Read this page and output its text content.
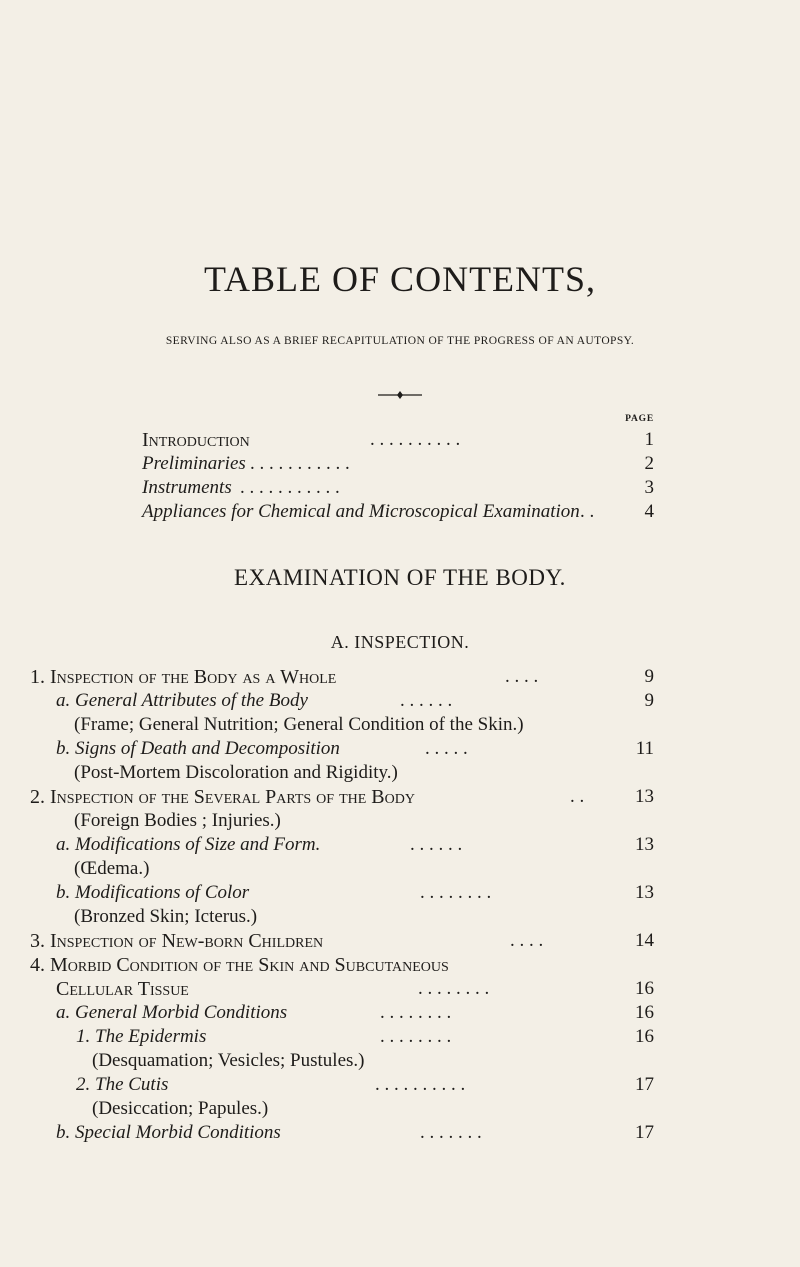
TABLE OF CONTENTS,

SERVING ALSO AS A BRIEF RECAPITULATION OF THE PROGRESS OF AN AUTOPSY.

PAGE
Introduction	. . . . . . . . . .	1
Preliminaries . . . . . . . . . . .	2
Instruments . . . . . . . . . . .	3
Appliances for Chemical and Microscopical Examination . .	4
EXAMINATION OF THE BODY.
A. INSPECTION.
1. Inspection of the Body as a Whole	. . . .	9
a. General Attributes of the Body	. . . . . .	9
(Frame; General Nutrition; General Condition of the Skin.)
b. Signs of Death and Decomposition	. . . . .	11
(Post-Mortem Discoloration and Rigidity.)
2. Inspection of the Several Parts of the Body	. .	13
(Foreign Bodies ; Injuries.)
a. Modifications of Size and Form.	. . . . . .	13
(Œdema.)
b. Modifications of Color	. . . . . . . .	13
(Bronzed Skin; Icterus.)
3. Inspection of New-born Children	. . . .	14
4. Morbid Condition of the Skin and Subcutaneous
Cellular Tissue	. . . . . . . .	16
a. General Morbid Conditions	. . . . . . . .	16
1. The Epidermis	. . . . . . . .	16
(Desquamation; Vesicles; Pustules.)
2. The Cutis	. . . . . . . . . .	17
(Desiccation; Papules.)
b. Special Morbid Conditions	. . . . . . .	17
